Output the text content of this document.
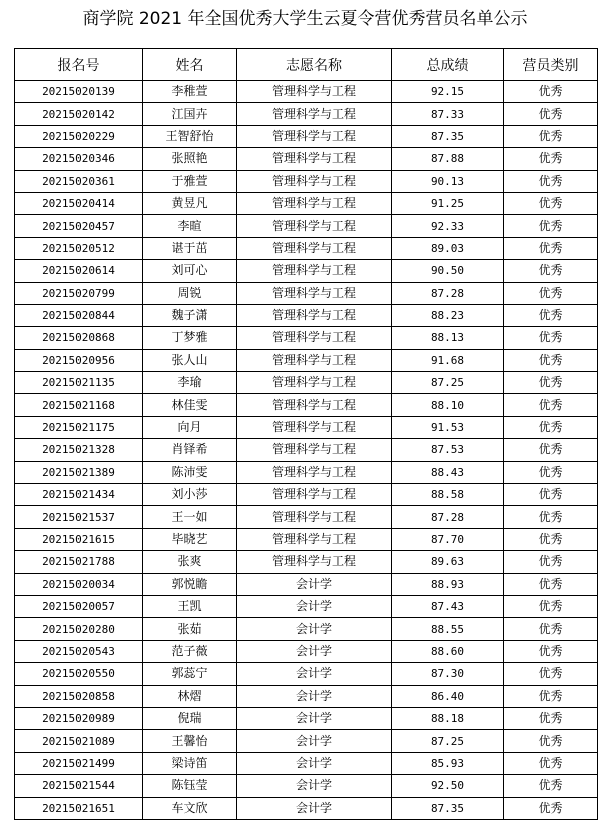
商学院 2021 年全国优秀大学生云夏令营优秀营员名单公示
报名号	姓名	志愿名称	总成绩	营员类别
20215020139	李稚萱	管理科学与工程	92.15	优秀
20215020142	江国卉	管理科学与工程	87.33	优秀
20215020229	王智舒怡	管理科学与工程	87.35	优秀
20215020346	张照艳	管理科学与工程	87.88	优秀
20215020361	于雅萱	管理科学与工程	90.13	优秀
20215020414	黄昱凡	管理科学与工程	91.25	优秀
20215020457	李暄	管理科学与工程	92.33	优秀
20215020512	谌于茁	管理科学与工程	89.03	优秀
20215020614	刘可心	管理科学与工程	90.50	优秀
20215020799	周锐	管理科学与工程	87.28	优秀
20215020844	魏子潇	管理科学与工程	88.23	优秀
20215020868	丁梦雅	管理科学与工程	88.13	优秀
20215020956	张人山	管理科学与工程	91.68	优秀
20215021135	李瑜	管理科学与工程	87.25	优秀
20215021168	林佳雯	管理科学与工程	88.10	优秀
20215021175	向月	管理科学与工程	91.53	优秀
20215021328	肖铎希	管理科学与工程	87.53	优秀
20215021389	陈沛雯	管理科学与工程	88.43	优秀
20215021434	刘小莎	管理科学与工程	88.58	优秀
20215021537	王一如	管理科学与工程	87.28	优秀
20215021615	毕晓艺	管理科学与工程	87.70	优秀
20215021788	张爽	管理科学与工程	89.63	优秀
20215020034	郭悦瞻	会计学	88.93	优秀
20215020057	王凯	会计学	87.43	优秀
20215020280	张茹	会计学	88.55	优秀
20215020543	范子薇	会计学	88.60	优秀
20215020550	郭蕊宁	会计学	87.30	优秀
20215020858	林熠	会计学	86.40	优秀
20215020989	倪瑞	会计学	88.18	优秀
20215021089	王馨怡	会计学	87.25	优秀
20215021499	梁诗笛	会计学	85.93	优秀
20215021544	陈钰莹	会计学	92.50	优秀
20215021651	车文欣	会计学	87.35	优秀
